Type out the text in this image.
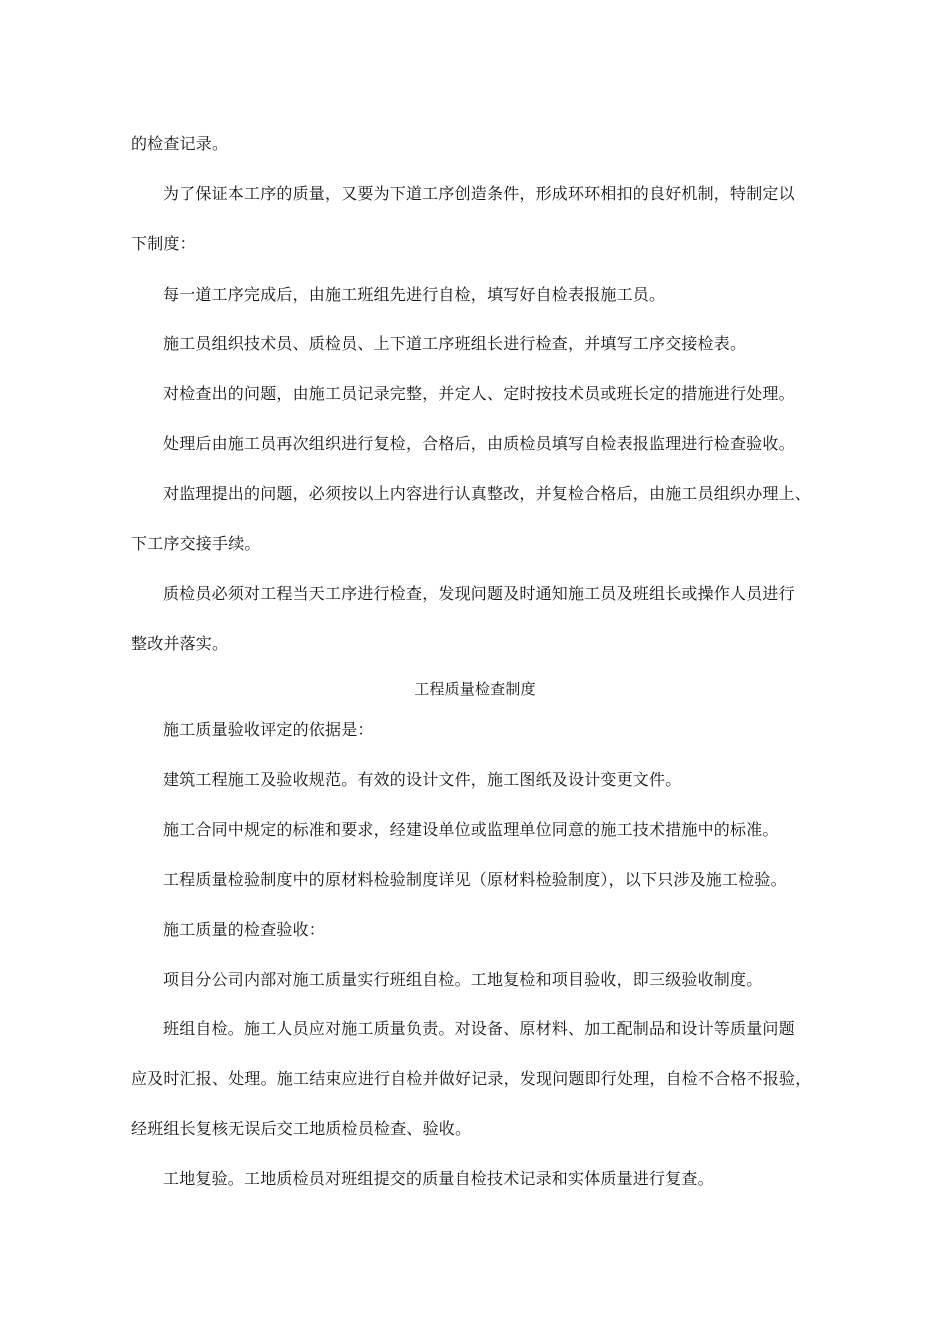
的检查记录。
为了保证本工序的质量，又要为下道工序创造条件，形成环环相扣的良好机制，特制定以
下制度：
每一道工序完成后，由施工班组先进行自检，填写好自检表报施工员。
施工员组织技术员、质检员、上下道工序班组长进行检查，并填写工序交接检表。
对检查出的问题，由施工员记录完整，并定人、定时按技术员或班长定的措施进行处理。
处理后由施工员再次组织进行复检，合格后，由质检员填写自检表报监理进行检查验收。
对监理提出的问题，必须按以上内容进行认真整改，并复检合格后，由施工员组织办理上、
下工序交接手续。
质检员必须对工程当天工序进行检查，发现问题及时通知施工员及班组长或操作人员进行
整改并落实。
工程质量检查制度
施工质量验收评定的依据是：
建筑工程施工及验收规范。有效的设计文件，施工图纸及设计变更文件。
施工合同中规定的标准和要求，经建设单位或监理单位同意的施工技术措施中的标准。
工程质量检验制度中的原材料检验制度详见（原材料检验制度），以下只涉及施工检验。
施工质量的检查验收：
项目分公司内部对施工质量实行班组自检。工地复检和项目验收，即三级验收制度。
班组自检。施工人员应对施工质量负责。对设备、原材料、加工配制品和设计等质量问题
应及时汇报、处理。施工结束应进行自检并做好记录，发现问题即行处理，自检不合格不报验，
经班组长复核无误后交工地质检员检查、验收。
工地复验。工地质检员对班组提交的质量自检技术记录和实体质量进行复查。
